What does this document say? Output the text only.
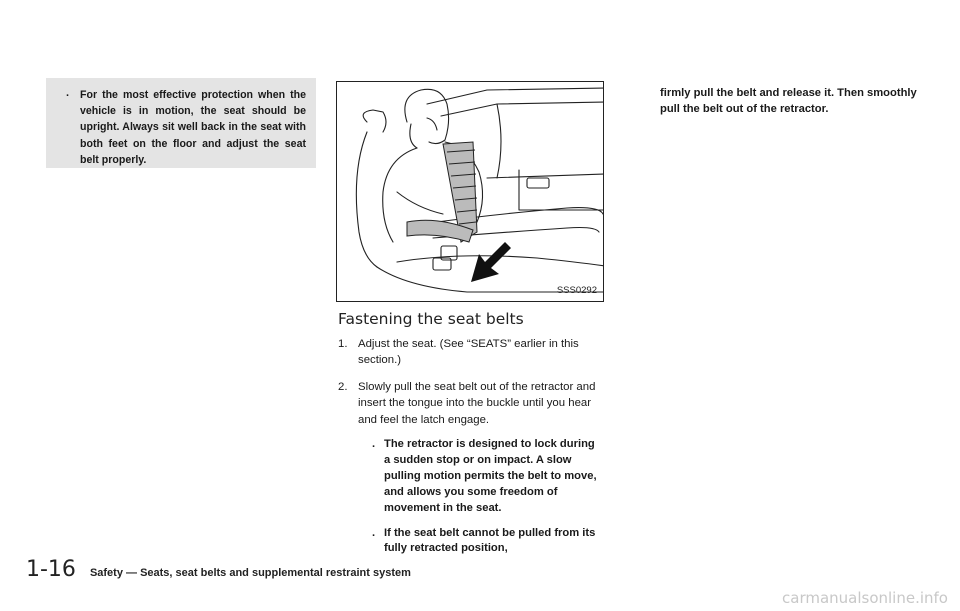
. For the most effective protection when the vehicle is in motion, the seat should be upright. Always sit well back in the seat with both feet on the floor and adjust the seat belt properly.

SSS0292
Fastening the seat belts
1. Adjust the seat. (See “SEATS” earlier in this section.)
2. Slowly pull the seat belt out of the retractor and insert the tongue into the buckle until you hear and feel the latch engage.
. The retractor is designed to lock during a sudden stop or on impact. A slow pulling motion permits the belt to move, and allows you some freedom of movement in the seat.
. If the seat belt cannot be pulled from its fully retracted position,

firmly pull the belt and release it. Then smoothly pull the belt out of the retractor.

1-16 Safety — Seats, seat belts and supplemental restraint system
carmanualsonline.info
